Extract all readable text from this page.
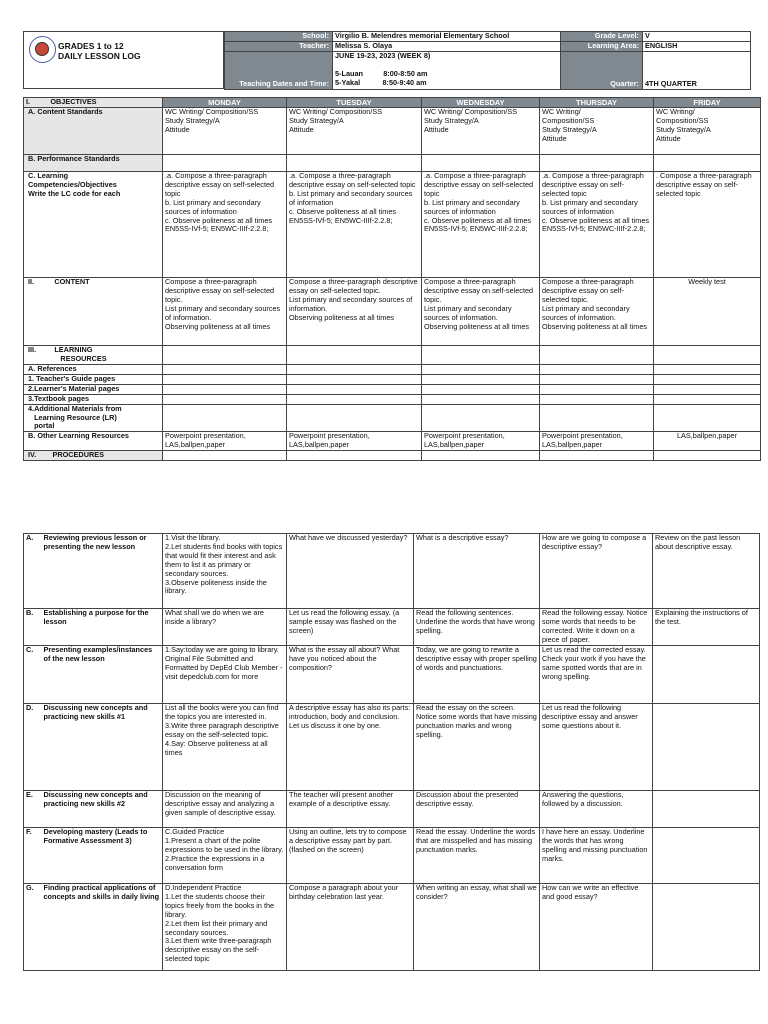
GRADES 1 to 12
DAILY LESSON LOG
School:	Virgilio B. Melendres memorial Elementary School	Grade Level:	V
Teacher:	Melissa S. Olaya	Learning Area:	ENGLISH
Teaching Dates and Time:	JUNE 19-23, 2023 (WEEK 8)
5-Lauan          8:00-8:50 am
5-Yakal           8:50-9:40 am	Quarter:	4TH QUARTER
I.          OBJECTIVES	MONDAY	TUESDAY	WEDNESDAY	THURSDAY	FRIDAY
A. Content Standards	WC Writing/ Composition/SS
Study Strategy/A
Attitude	WC Writing/ Composition/SS
Study Strategy/A
Attitude	WC Writing/ Composition/SS
Study Strategy/A
Attitude	WC Writing/
Composition/SS
Study Strategy/A
Attitude	WC Writing/
Composition/SS
Study Strategy/A
Attitude
B. Performance Standards					
C. Learning
Competencies/Objectives
Write the LC code for each	.a. Compose a three-paragraph descriptive essay on self-selected topic
b. List primary and secondary sources of information
c. Observe politeness at all times
EN5SS-IVf-5; EN5WC-IIIf-2.2.8;	.a. Compose a three-paragraph descriptive essay on self-selected topic
b. List primary and secondary sources of information
c. Observe politeness at all times
EN5SS-IVf-5; EN5WC-IIIf-2.2.8;	.a. Compose a three-paragraph descriptive essay on self-selected topic
b. List primary and secondary sources of information
c. Observe politeness at all times
EN5SS-IVf-5; EN5WC-IIIf-2.2.8;	.a. Compose a three-paragraph descriptive essay on self-selected topic
b. List primary and secondary sources of information
c. Observe politeness at all times
EN5SS-IVf-5; EN5WC-IIIf-2.2.8;	. Compose a three-paragraph descriptive essay on self-selected topic
II.          CONTENT	Compose a three-paragraph descriptive essay on self-selected topic.
List primary and secondary sources of information.
Observing politeness at all times	Compose a three-paragraph descriptive essay on self-selected topic.
List primary and secondary sources of information.
Observing politeness at all times	Compose a three-paragraph descriptive essay on self-selected topic.
List primary and secondary sources of information.
Observing politeness at all times	Compose a three-paragraph descriptive essay on self-selected topic.
List primary and secondary sources of information.
Observing politeness at all times	Weekly test
III.         LEARNING
RESOURCES					
A. References					
1. Teacher's Guide pages					
2.Learner's Material pages					
3.Textbook pages					
4.Additional Materials from
Learning Resource (LR)
portal					
B. Other Learning Resources	Powerpoint presentation,
LAS,ballpen,paper	Powerpoint presentation,
LAS,ballpen,paper	Powerpoint presentation,
LAS,ballpen,paper	Powerpoint presentation,
LAS,ballpen,paper	LAS,ballpen,paper
IV.        PROCEDURES					
A.	Reviewing previous lesson or presenting the new lesson	1.Visit the library.
2.Let students find books with topics that would fit their interest and ask them to list it as primary or secondary sources.
3.Observe politeness inside the library.	What have we discussed yesterday?	What is a descriptive essay?	How are we going to compose a descriptive essay?	Review on the past lesson about descriptive essay.
B.	Establishing a purpose for the lesson	What shall we do when we are inside a library?	Let us read the following essay. (a sample essay was flashed on the screen)	Read the following sentences. Underline the words that have wrong spelling.	Read the following essay. Notice some words that needs to be corrected. Write it down on a piece of paper.	Explaining the instructions of the test.
C.	Presenting examples/instances of the new lesson	1.Say:today we are going to library.
Original File Submitted and Formatted by DepEd Club Member - visit depedclub.com for more	What is the essay all about? What have you noticed about the composition?	Today, we are going to rewrite a descriptive essay with proper spelling of words and punctuations.	Let us read the corrected essay. Check your work if you have the same spotted words that are in wrong spelling.	
D.	Discussing new concepts and practicing new skills #1	List all the books were you can find the topics you are interested in.
3.Write three paragraph descriptive essay on the self-selected topic.
4.Say: Observe politeness at all times	A descriptive essay has also its parts: introduction, body and conclusion.
Let us discuss it one by one.	Read the essay on the screen. Notice some words that have missing punctuation marks and wrong spelling.	Let us read the following descriptive essay and answer some questions about it.	
E.	Discussing new concepts and practicing new skills #2	Discussion on the meaning of descriptive essay and analyzing a given sample of descriptive essay.	The teacher will present another example of a descriptive essay.	Discussion about the presented descriptive essay.	Answering the questions, followed by a discussion.	
F.	Developing mastery (Leads to Formative Assessment 3)	C.Guided Practice
1.Present a chart of the polite expressions to be used in the library.
2.Practice the expressions in a conversation form	Using an outline, lets try to compose a descriptive essay part by part.
(flashed on the screen)	Read the essay. Underline the words that are misspelled and has missing punctuation marks.	I have here an essay. Underline the words that has wrong spelling and missing punctuation marks.	
G.	Finding practical applications of concepts and skills in daily living	D.Independent Practice
1.Let the students choose their topics freely from the books in the library.
2.Let them list their primary and secondary sources.
3.Let them write three-paragraph descriptive essay on the self-selected topic	Compose a paragraph about your birthday celebration last year.	When writing an essay, what shall we consider?	How can we write an effective and good essay?	
